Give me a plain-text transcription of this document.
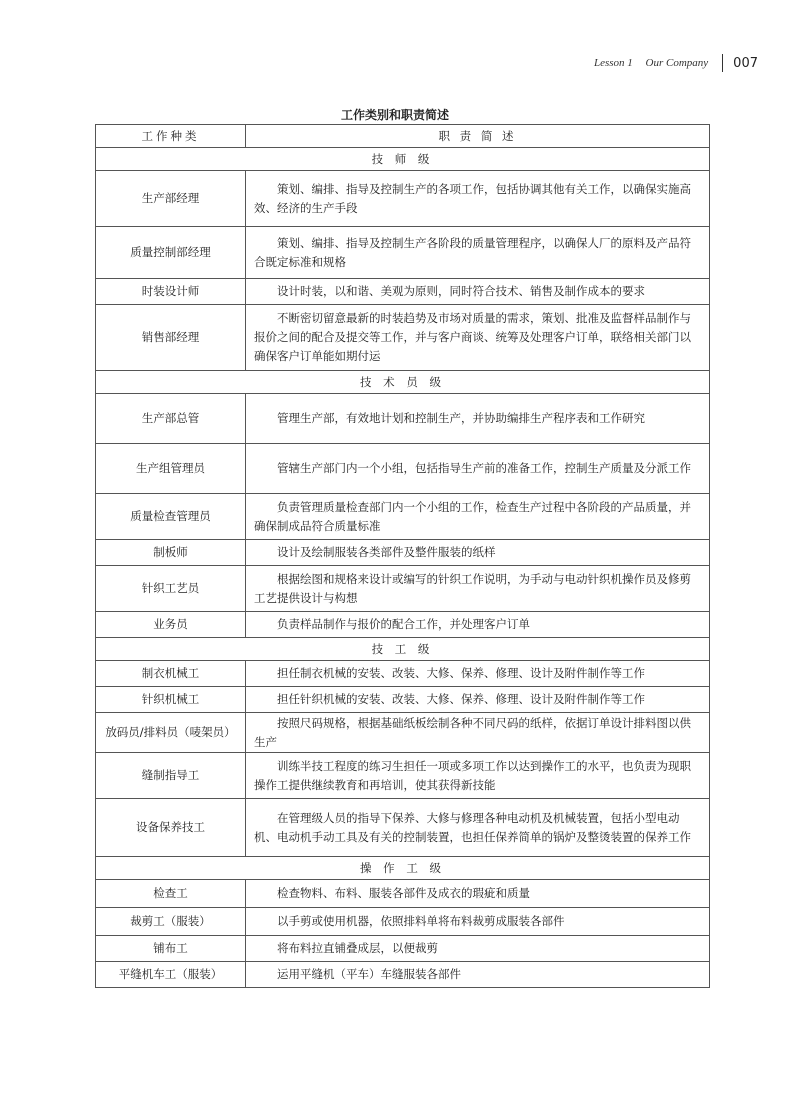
Lesson 1 Our Company 007
工作类别和职责简述
工作种类	职 责 简 述
技 师 级	
生产部经理	策划、编排、指导及控制生产的各项工作，包括协调其他有关工作，以确保实施高效、经济的生产手段
质量控制部经理	策划、编排、指导及控制生产各阶段的质量管理程序，以确保人厂的原料及产品符合既定标准和规格
时装设计师	设计时装，以和谐、美观为原则，同时符合技术、销售及制作成本的要求
销售部经理	不断密切留意最新的时装趋势及市场对质量的需求，策划、批准及监督样品制作与报价之间的配合及提交等工作，并与客户商谈、统筹及处理客户订单，联络相关部门以确保客户订单能如期付运
技 术 员 级	
生产部总管	管理生产部，有效地计划和控制生产，并协助编排生产程序表和工作研究
生产组管理员	管辖生产部门内一个小组，包括指导生产前的准备工作，控制生产质量及分派工作
质量检查管理员	负责管理质量检查部门内一个小组的工作，检查生产过程中各阶段的产品质量，并确保制成品符合质量标准
制板师	设计及绘制服装各类部件及整件服装的纸样
针织工艺员	根据绘图和规格来设计或编写的针织工作说明，为手动与电动针织机操作员及修剪工艺提供设计与构想
业务员	负责样品制作与报价的配合工作，并处理客户订单
技 工 级	
制衣机械工	担任制衣机械的安装、改装、大修、保养、修理、设计及附件制作等工作
针织机械工	担任针织机械的安装、改装、大修、保养、修理、设计及附件制作等工作
放码员/排料员（唛架员）	按照尺码规格，根据基础纸板绘制各种不同尺码的纸样，依据订单设计排料图以供生产
缝制指导工	训练半技工程度的练习生担任一项或多项工作以达到操作工的水平，也负责为现职操作工提供继续教育和再培训，使其获得新技能
设备保养技工	在管理级人员的指导下保养、大修与修理各种电动机及机械装置，包括小型电动机、电动机手动工具及有关的控制装置，也担任保养简单的锅炉及整烫装置的保养工作
操 作 工 级	
检查工	检查物料、布料、服装各部件及成衣的瑕疵和质量
裁剪工（服装）	以手剪或使用机器，依照排料单将布料裁剪成服装各部件
铺布工	将布料拉直铺叠成层，以便裁剪
平缝机车工（服装）	运用平缝机（平车）车缝服装各部件
